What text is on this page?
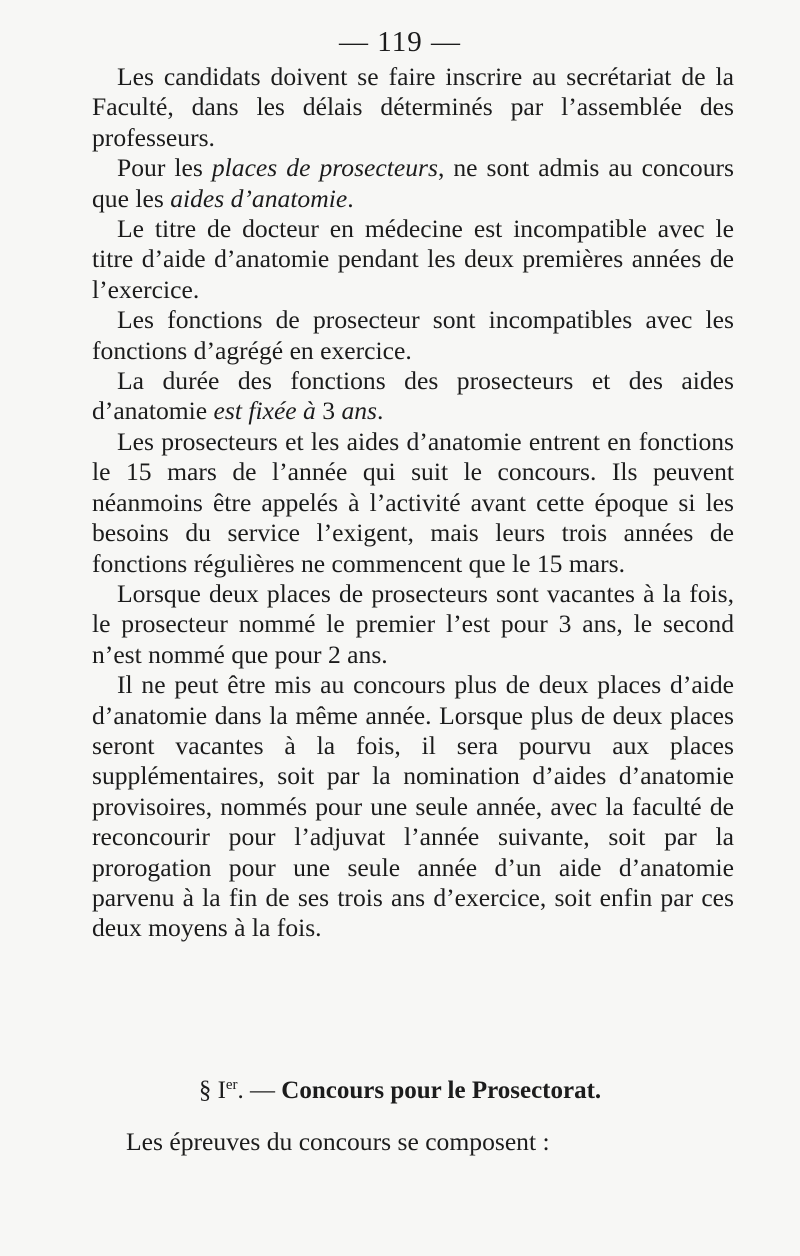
— 119 —

Les candidats doivent se faire inscrire au secrétariat de la Faculté, dans les délais déterminés par l’assemblée des professeurs.

Pour les places de prosecteurs, ne sont admis au concours que les aides d’anatomie.

Le titre de docteur en médecine est incompatible avec le titre d’aide d’anatomie pendant les deux premières années de l’exercice.

Les fonctions de prosecteur sont incompatibles avec les fonctions d’agrégé en exercice.

La durée des fonctions des prosecteurs et des aides d’anatomie est fixée à 3 ans.

Les prosecteurs et les aides d’anatomie entrent en fonctions le 15 mars de l’année qui suit le concours. Ils peuvent néanmoins être appelés à l’activité avant cette époque si les besoins du service l’exigent, mais leurs trois années de fonctions régulières ne commencent que le 15 mars.

Lorsque deux places de prosecteurs sont vacantes à la fois, le prosecteur nommé le premier l’est pour 3 ans, le second n’est nommé que pour 2 ans.

Il ne peut être mis au concours plus de deux places d’aide d’anatomie dans la même année. Lorsque plus de deux places seront vacantes à la fois, il sera pourvu aux places supplémentaires, soit par la nomination d’aides d’anatomie provisoires, nommés pour une seule année, avec la faculté de reconcourir pour l’adjuvat l’année suivante, soit par la prorogation pour une seule année d’un aide d’anatomie parvenu à la fin de ses trois ans d’exercice, soit enfin par ces deux moyens à la fois.

§ Ier. — Concours pour le Prosectorat.
Les épreuves du concours se composent :
